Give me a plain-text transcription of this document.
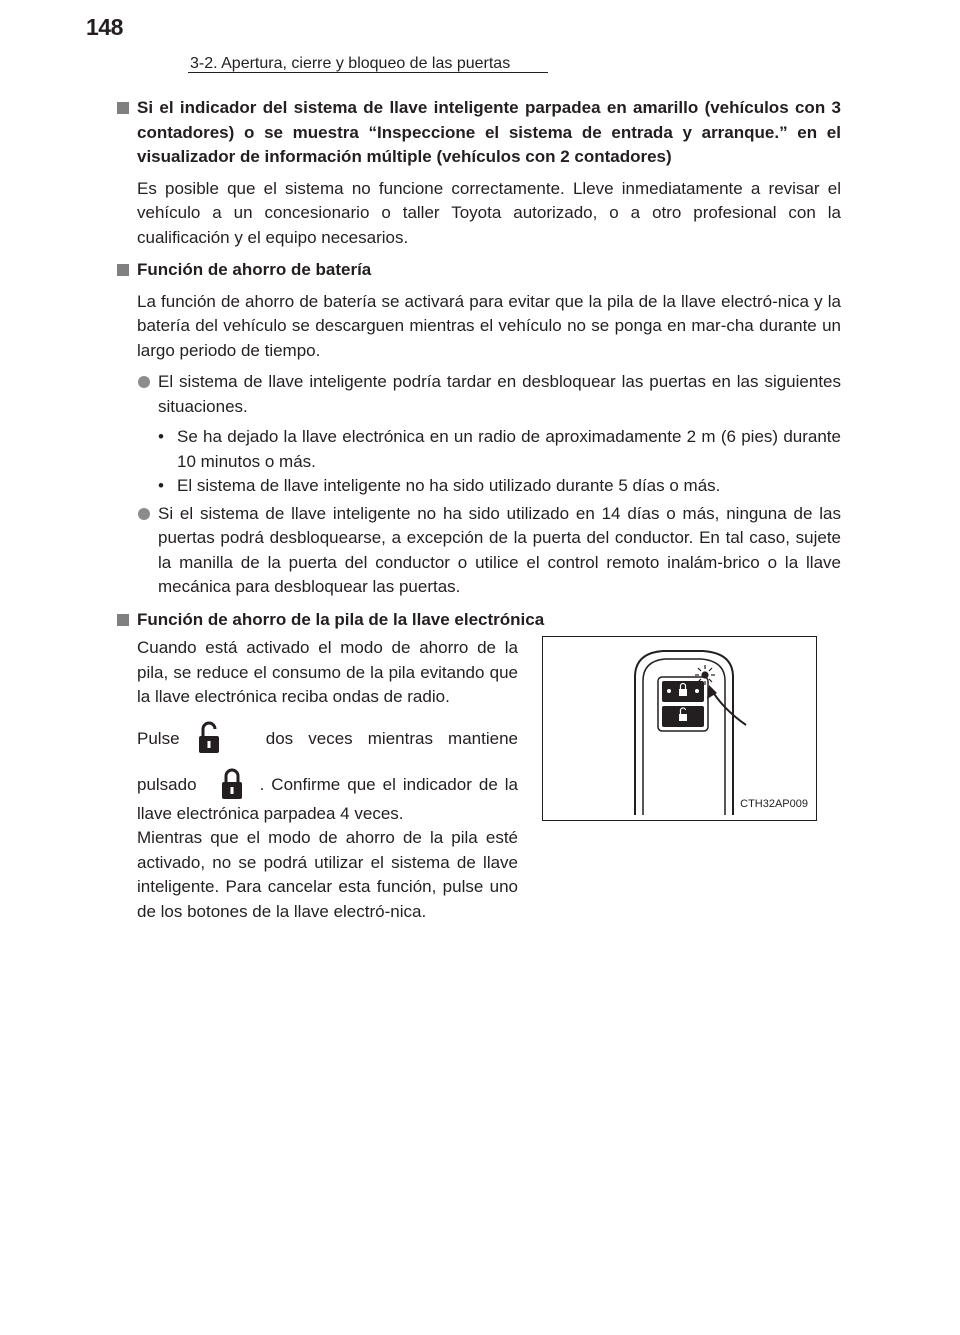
148
3-2. Apertura, cierre y bloqueo de las puertas
Si el indicador del sistema de llave inteligente parpadea en amarillo (vehículos con 3 contadores) o se muestra “Inspeccione el sistema de entrada y arranque.” en el visualizador de información múltiple (vehículos con 2 contadores)
Es posible que el sistema no funcione correctamente. Lleve inmediatamente a revisar el vehículo a un concesionario o taller Toyota autorizado, o a otro profesional con la cualificación y el equipo necesarios.
Función de ahorro de batería
La función de ahorro de batería se activará para evitar que la pila de la llave electró-nica y la batería del vehículo se descarguen mientras el vehículo no se ponga en mar-cha durante un largo periodo de tiempo.
El sistema de llave inteligente podría tardar en desbloquear las puertas en las siguientes situaciones.
• Se ha dejado la llave electrónica en un radio de aproximadamente 2 m (6 pies) durante 10 minutos o más.
• El sistema de llave inteligente no ha sido utilizado durante 5 días o más.
Si el sistema de llave inteligente no ha sido utilizado en 14 días o más, ninguna de las puertas podrá desbloquearse, a excepción de la puerta del conductor. En tal caso, sujete la manilla de la puerta del conductor o utilice el control remoto inalám-brico o la llave mecánica para desbloquear las puertas.
Función de ahorro de la pila de la llave electrónica
Cuando está activado el modo de ahorro de la pila, se reduce el consumo de la pila evitando que la llave electrónica reciba ondas de radio.
Pulse	dos veces mientras mantiene
pulsado	. Confirme que el indicador de la llave electrónica parpadea 4 veces.
Mientras que el modo de ahorro de la pila esté activado, no se podrá utilizar el sistema de llave inteligente. Para cancelar esta función, pulse uno de los botones de la llave electró-nica.
CTH32AP009
